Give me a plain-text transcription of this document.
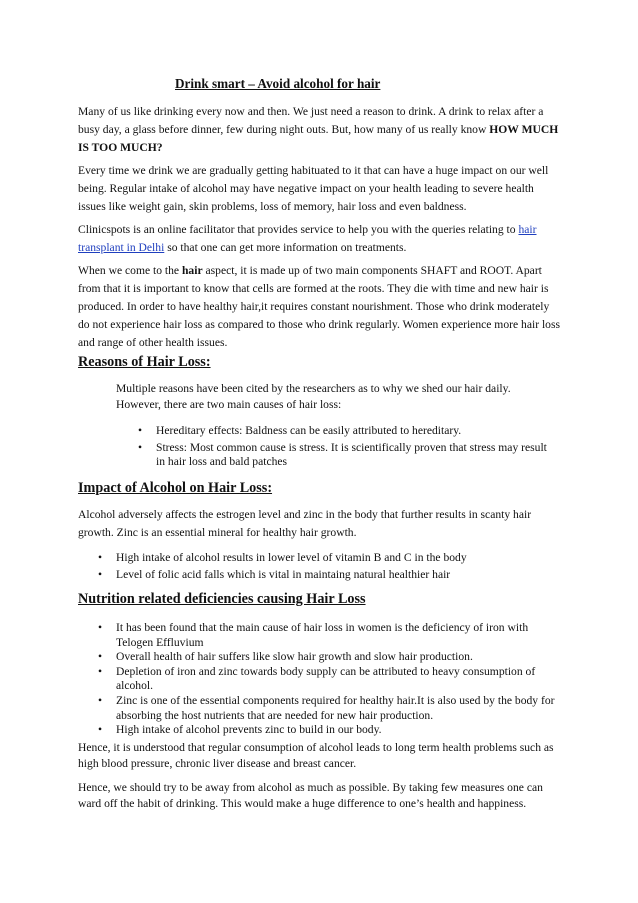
Drink smart – Avoid alcohol for hair

Many of us like drinking every now and then. We just need a reason to drink. A drink to relax after a busy day, a glass before dinner, few during night outs. But, how many of us really know HOW MUCH IS TOO MUCH?

Every time we drink we are gradually getting habituated to it that can have a huge impact on our well being. Regular intake of alcohol may have negative impact on your health leading to severe health issues like weight gain, skin problems, loss of memory, hair loss and even baldness.

Clinicspots is an online facilitator that provides service to help you with the queries relating to hair transplant in Delhi so that one can get more information on treatments.

When we come to the hair aspect, it is made up of two main components SHAFT and ROOT. Apart from that it is important to know that cells are formed at the roots. They die with time and new hair is produced. In order to have healthy hair,it requires constant nourishment. Those who drink moderately do not experience hair loss as compared to those who drink regularly. Women experience more hair loss and range of other health issues.

Reasons of Hair Loss:
Multiple reasons have been cited by the researchers as to why we shed our hair daily. However, there are two main causes of hair loss:
• Hereditary effects: Baldness can be easily attributed to hereditary.
• Stress: Most common cause is stress. It is scientifically proven that stress may result in hair loss and bald patches
Impact of Alcohol on Hair Loss:

Alcohol adversely affects the estrogen level and zinc in the body that further results in scanty hair growth. Zinc is an essential mineral for healthy hair growth.

• High intake of alcohol results in lower level of vitamin B and C in the body
• Level of folic acid falls which is vital in maintaing natural healthier hair
Nutrition related deficiencies causing Hair Loss
• It has been found that the main cause of hair loss in women is the deficiency of iron with Telogen Effluvium
• Overall health of hair suffers like slow hair growth and slow hair production.
• Depletion of iron and zinc towards body supply can be attributed to heavy consumption of alcohol.
• Zinc is one of the essential components required for healthy hair.It is also used by the body for absorbing the host nutrients that are needed for new hair production.
• High intake of alcohol prevents zinc to build in our body.

Hence, it is understood that regular consumption of alcohol leads to long term health problems such as high blood pressure, chronic liver disease and breast cancer.

Hence, we should try to be away from alcohol as much as possible. By taking few measures one can ward off the habit of drinking. This would make a huge difference to one’s health and happiness.
